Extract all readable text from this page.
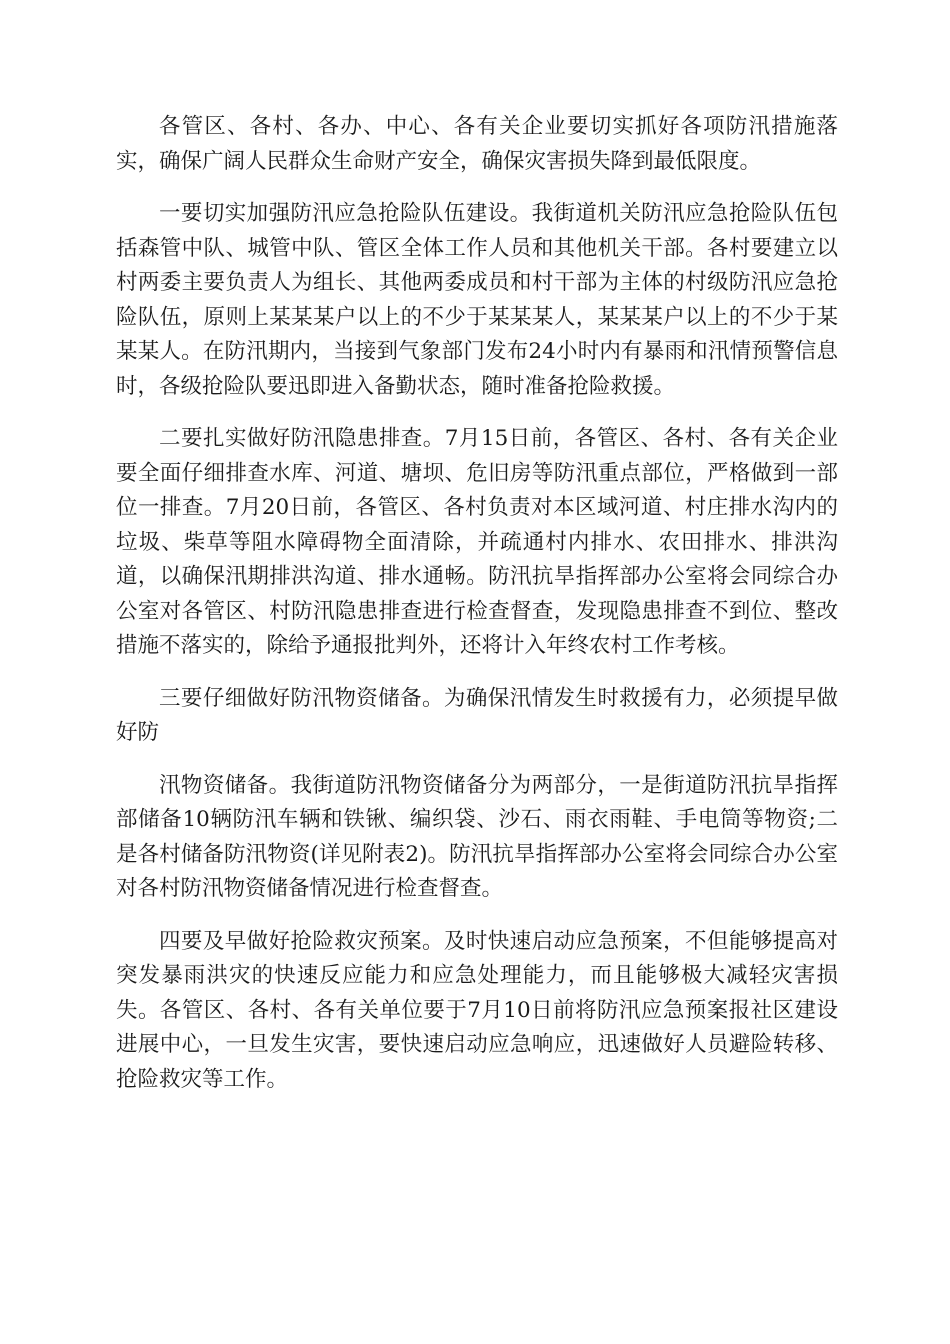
各管区、各村、各办、中心、各有关企业要切实抓好各项防汛措施落实，确保广阔人民群众生命财产安全，确保灾害损失降到最低限度。

一要切实加强防汛应急抢险队伍建设。我街道机关防汛应急抢险队伍包括森管中队、城管中队、管区全体工作人员和其他机关干部。各村要建立以村两委主要负责人为组长、其他两委成员和村干部为主体的村级防汛应急抢险队伍，原则上某某某户以上的不少于某某某人，某某某户以上的不少于某某某人。在防汛期内，当接到气象部门发布24小时内有暴雨和汛情预警信息时，各级抢险队要迅即进入备勤状态，随时准备抢险救援。

二要扎实做好防汛隐患排查。7月15日前，各管区、各村、各有关企业要全面仔细排查水库、河道、塘坝、危旧房等防汛重点部位，严格做到一部位一排查。7月20日前，各管区、各村负责对本区域河道、村庄排水沟内的垃圾、柴草等阻水障碍物全面清除，并疏通村内排水、农田排水、排洪沟道，以确保汛期排洪沟道、排水通畅。防汛抗旱指挥部办公室将会同综合办公室对各管区、村防汛隐患排查进行检查督查，发现隐患排查不到位、整改措施不落实的，除给予通报批判外，还将计入年终农村工作考核。

三要仔细做好防汛物资储备。为确保汛情发生时救援有力，必须提早做好防

汛物资储备。我街道防汛物资储备分为两部分，一是街道防汛抗旱指挥部储备10辆防汛车辆和铁锹、编织袋、沙石、雨衣雨鞋、手电筒等物资;二是各村储备防汛物资(详见附表2)。防汛抗旱指挥部办公室将会同综合办公室对各村防汛物资储备情况进行检查督查。

四要及早做好抢险救灾预案。及时快速启动应急预案，不但能够提高对突发暴雨洪灾的快速反应能力和应急处理能力，而且能够极大减轻灾害损失。各管区、各村、各有关单位要于7月10日前将防汛应急预案报社区建设进展中心，一旦发生灾害，要快速启动应急响应，迅速做好人员避险转移、抢险救灾等工作。
